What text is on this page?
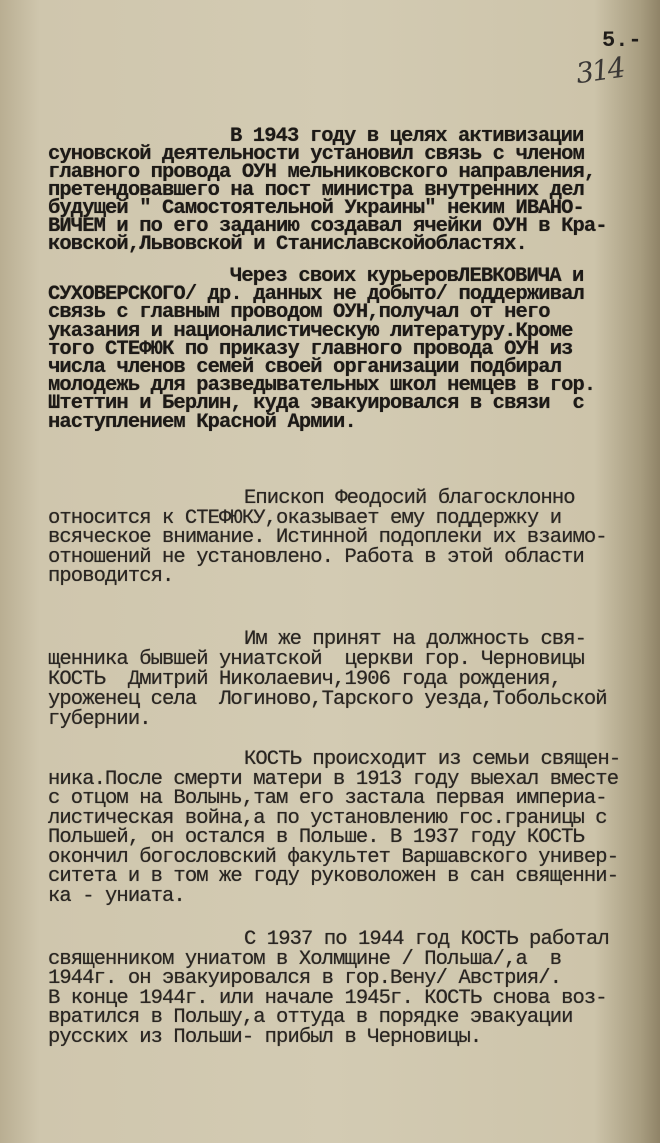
5.-
314
В 1943 году в целях активизации
суновской деятельности установил связь с членом
главного провода ОУН мельниковского направления,
претендовавшего на пост министра внутренних дел
будущей " Самостоятельной Украины" неким ИВАНО-
ВИЧЕМ и по его заданию создавал ячейки ОУН в Кра-
ковской,Львовской и Станиславскойобластях.
Через своих курьеровЛЕВКОВИЧА и
СУХОВЕРСКОГО/ др. данных не добыто/ поддерживал
связь с главным проводом ОУН,получал от него
указания и националистическую литературу.Кроме
того СТЕФЮК по приказу главного провода ОУН из
числа членов семей своей организации подбирал
молодежь для разведывательных школ немцев в гор.
Штеттин и Берлин, куда эвакуировался в связи  с
наступлением Красной Армии.
Епископ Феодосий благосклонно
относится к СТЕФЮКУ,оказывает ему поддержку и
всяческое внимание. Истинной подоплеки их взаимо-
отношений не установлено. Работа в этой области
проводится.
Им же принят на должность свя-
щенника бывшей униатской  церкви гор. Черновицы
КОСТЬ  Дмитрий Николаевич,1906 года рождения,
уроженец села  Логиново,Тарского уезда,Тобольской
губернии.
КОСТЬ происходит из семьи священ-
ника.После смерти матери в 1913 году выехал вместе
с отцом на Волынь,там его застала первая империа-
листическая война,а по установлению гос.границы с
Польшей, он остался в Польше. В 1937 году КОСТЬ
окончил богословский факультет Варшавского универ-
ситета и в том же году руковоложен в сан священни-
ка - униата.
С 1937 по 1944 год КОСТЬ работал
священником униатом в Холмщине / Польша/,а  в
1944г. он эвакуировался в гор.Вену/ Австрия/.
В конце 1944г. или начале 1945г. КОСТЬ снова воз-
вратился в Польшу,а оттуда в порядке эвакуации
русских из Польши- прибыл в Черновицы.
